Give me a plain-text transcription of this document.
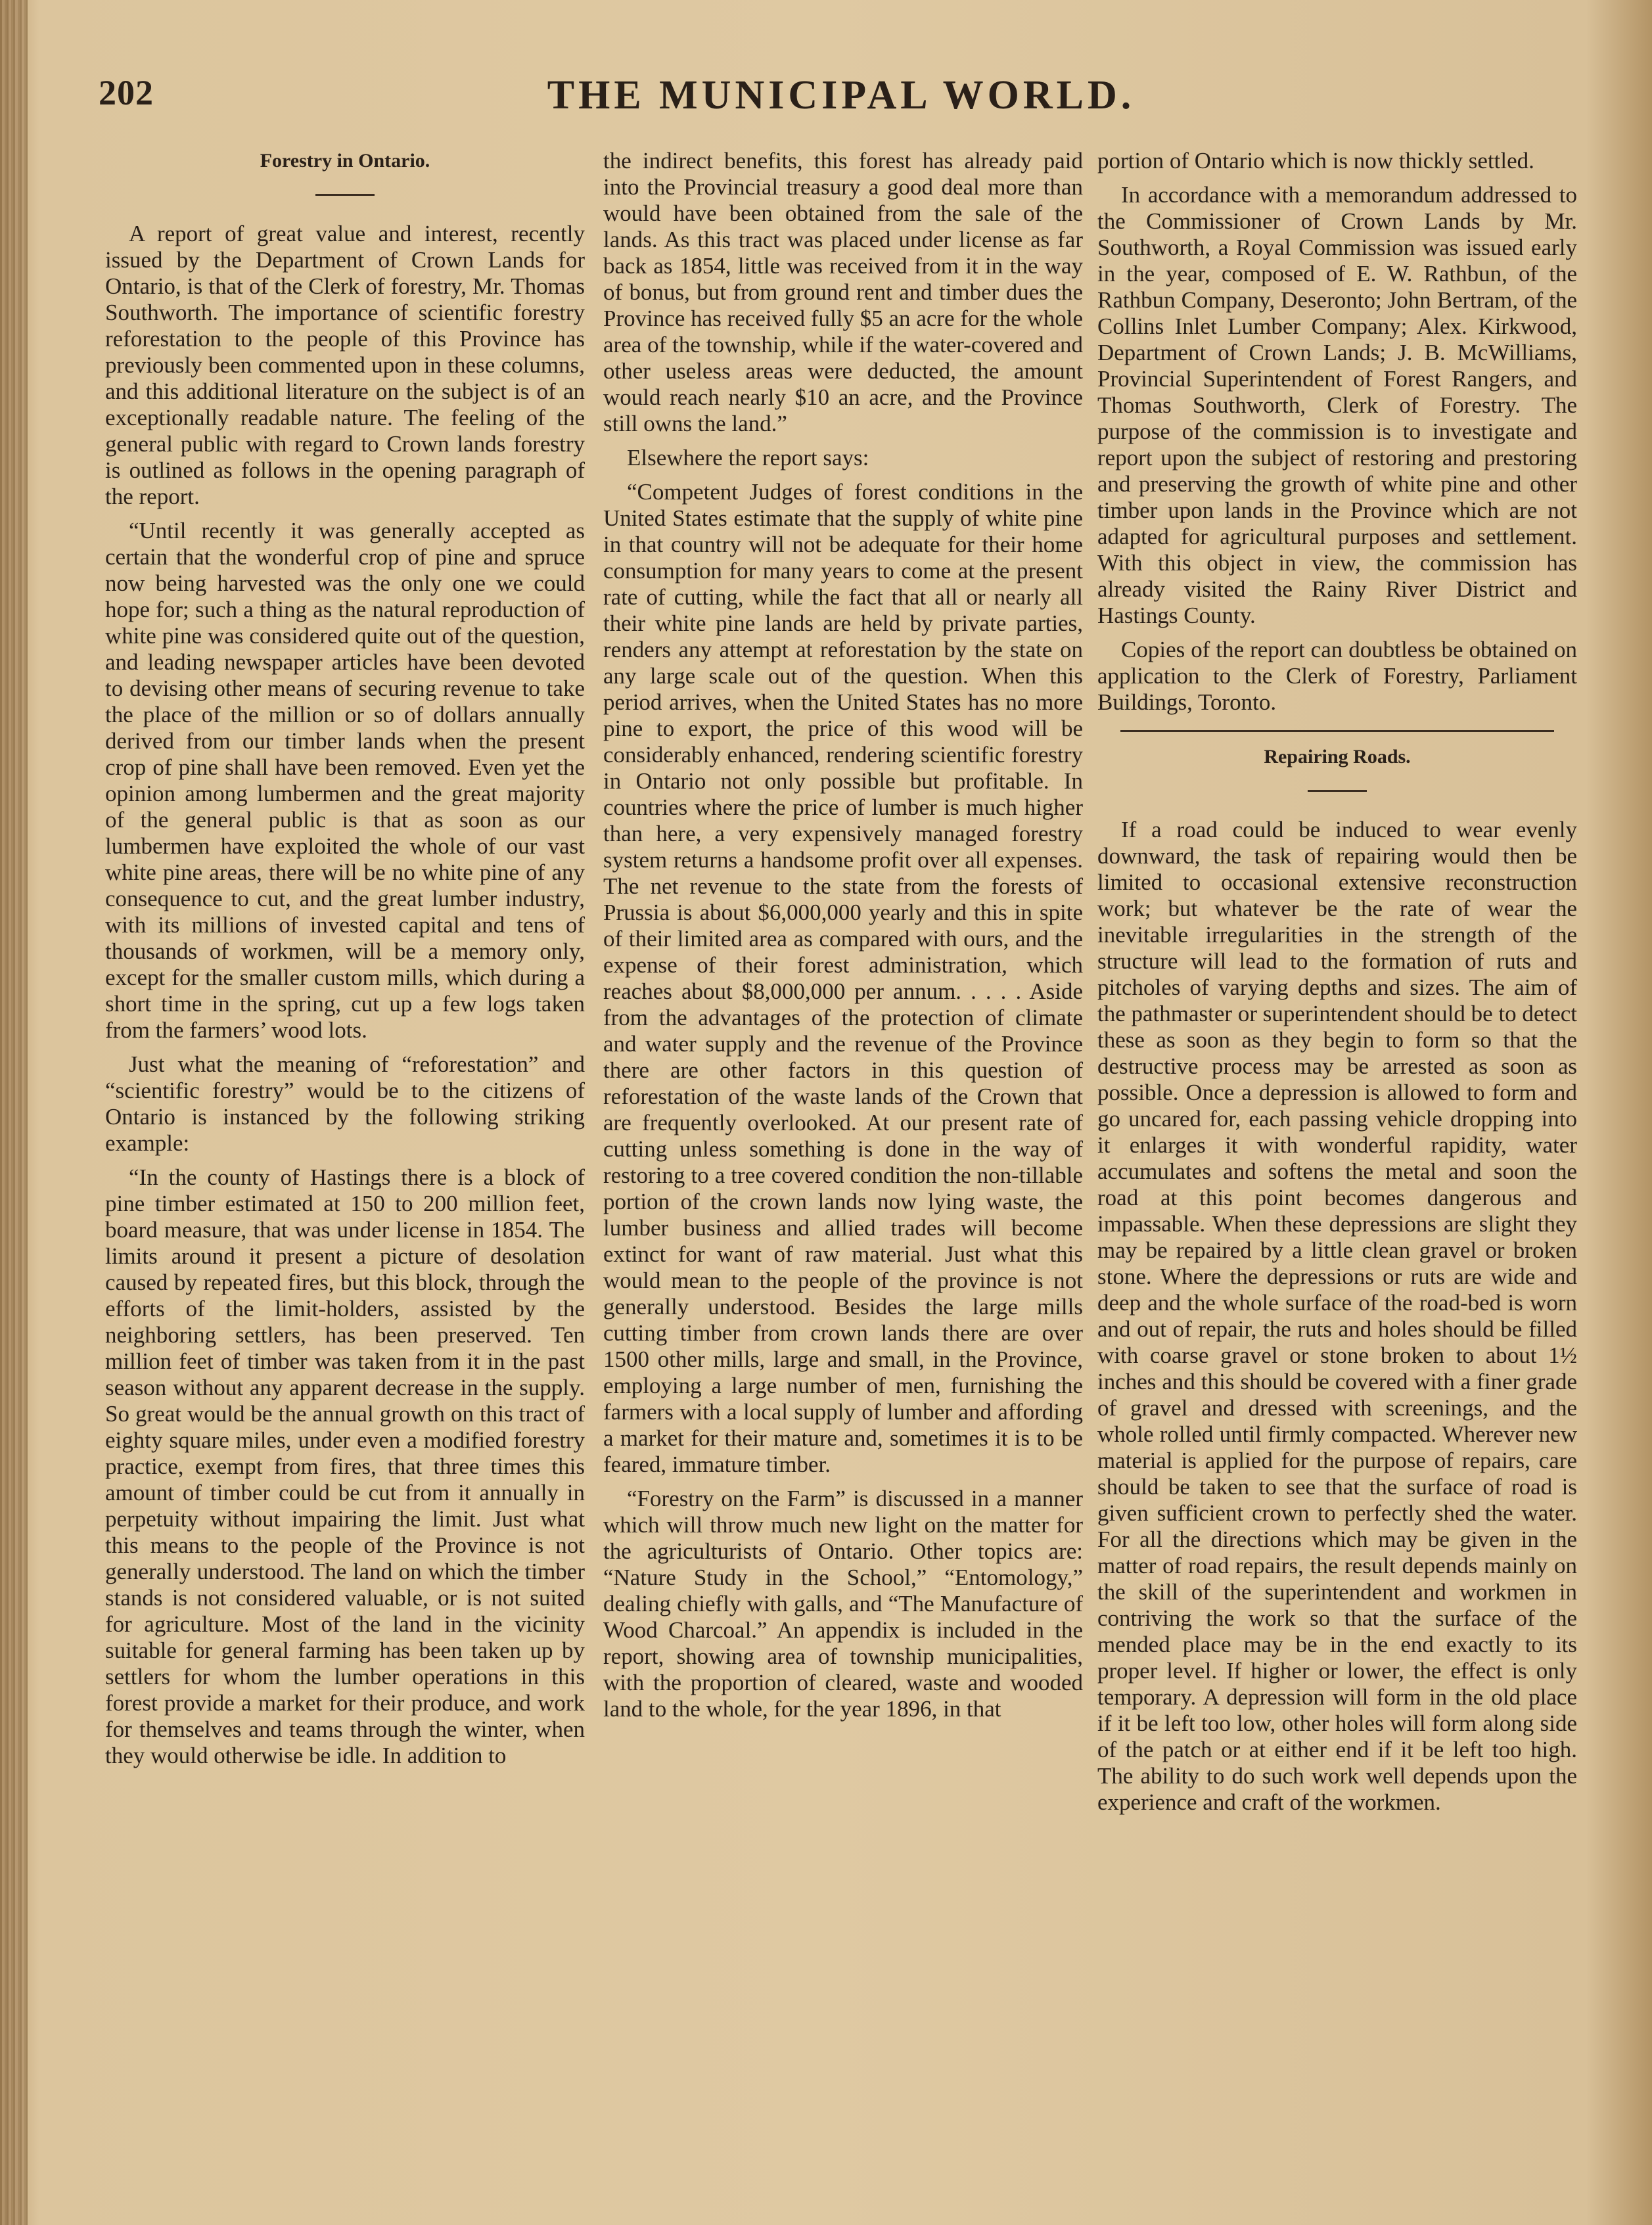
202	THE MUNICIPAL WORLD.

Forestry in Ontario.

A report of great value and interest, recently issued by the Department of Crown Lands for Ontario, is that of the Clerk of forestry, Mr. Thomas Southworth. The importance of scientific forestry reforestation to the people of this Province has previously been commented upon in these columns, and this additional literature on the subject is of an exceptionally readable nature. The feeling of the general public with regard to Crown lands forestry is outlined as follows in the opening paragraph of the report.

“Until recently it was generally accepted as certain that the wonderful crop of pine and spruce now being harvested was the only one we could hope for; such a thing as the natural reproduction of white pine was considered quite out of the question, and leading newspaper articles have been devoted to devising other means of securing revenue to take the place of the million or so of dollars annually derived from our timber lands when the present crop of pine shall have been removed. Even yet the opinion among lumbermen and the great majority of the general public is that as soon as our lumbermen have exploited the whole of our vast white pine areas, there will be no white pine of any consequence to cut, and the great lumber industry, with its millions of invested capital and tens of thousands of workmen, will be a memory only, except for the smaller custom mills, which during a short time in the spring, cut up a few logs taken from the farmers’ wood lots.

Just what the meaning of “reforestation” and “scientific forestry” would be to the citizens of Ontario is instanced by the following striking example:

“In the county of Hastings there is a block of pine timber estimated at 150 to 200 million feet, board measure, that was under license in 1854. The limits around it present a picture of desolation caused by repeated fires, but this block, through the efforts of the limit-holders, assisted by the neighboring settlers, has been preserved. Ten million feet of timber was taken from it in the past season without any apparent decrease in the supply. So great would be the annual growth on this tract of eighty square miles, under even a modified forestry practice, exempt from fires, that three times this amount of timber could be cut from it annually in perpetuity without impairing the limit. Just what this means to the people of the Province is not generally understood. The land on which the timber stands is not considered valuable, or is not suited for agriculture. Most of the land in the vicinity suitable for general farming has been taken up by settlers for whom the lumber operations in this forest provide a market for their produce, and work for themselves and teams through the winter, when they would otherwise be idle. In addition to

the indirect benefits, this forest has already paid into the Provincial treasury a good deal more than would have been obtained from the sale of the lands. As this tract was placed under license as far back as 1854, little was received from it in the way of bonus, but from ground rent and timber dues the Province has received fully $5 an acre for the whole area of the township, while if the water-covered and other useless areas were deducted, the amount would reach nearly $10 an acre, and the Province still owns the land.”

Elsewhere the report says:

“Competent Judges of forest conditions in the United States estimate that the supply of white pine in that country will not be adequate for their home consumption for many years to come at the present rate of cutting, while the fact that all or nearly all their white pine lands are held by private parties, renders any attempt at reforestation by the state on any large scale out of the question. When this period arrives, when the United States has no more pine to export, the price of this wood will be considerably enhanced, rendering scientific forestry in Ontario not only possible but profitable. In countries where the price of lumber is much higher than here, a very expensively managed forestry system returns a handsome profit over all expenses. The net revenue to the state from the forests of Prussia is about $6,000,000 yearly and this in spite of their limited area as compared with ours, and the expense of their forest administration, which reaches about $8,000,000 per annum. . . . . Aside from the advantages of the protection of climate and water supply and the revenue of the Province there are other factors in this question of reforestation of the waste lands of the Crown that are frequently overlooked. At our present rate of cutting unless something is done in the way of restoring to a tree covered condition the non-tillable portion of the crown lands now lying waste, the lumber business and allied trades will become extinct for want of raw material. Just what this would mean to the people of the province is not generally understood. Besides the large mills cutting timber from crown lands there are over 1500 other mills, large and small, in the Province, employing a large number of men, furnishing the farmers with a local supply of lumber and affording a market for their mature and, sometimes it is to be feared, immature timber.

“Forestry on the Farm” is discussed in a manner which will throw much new light on the matter for the agriculturists of Ontario. Other topics are: “Nature Study in the School,” “Entomology,” dealing chiefly with galls, and “The Manufacture of Wood Charcoal.” An appendix is included in the report, showing area of township municipalities, with the proportion of cleared, waste and wooded land to the whole, for the year 1896, in that

portion of Ontario which is now thickly settled.

In accordance with a memorandum addressed to the Commissioner of Crown Lands by Mr. Southworth, a Royal Commission was issued early in the year, composed of E. W. Rathbun, of the Rathbun Company, Deseronto; John Bertram, of the Collins Inlet Lumber Company; Alex. Kirkwood, Department of Crown Lands; J. B. McWilliams, Provincial Superintendent of Forest Rangers, and Thomas Southworth, Clerk of Forestry. The purpose of the commission is to investigate and report upon the subject of restoring and prestoring and preserving the growth of white pine and other timber upon lands in the Province which are not adapted for agricultural purposes and settlement. With this object in view, the commission has already visited the Rainy River District and Hastings County.

Copies of the report can doubtless be obtained on application to the Clerk of Forestry, Parliament Buildings, Toronto.

Repairing Roads.

If a road could be induced to wear evenly downward, the task of repairing would then be limited to occasional extensive reconstruction work; but whatever be the rate of wear the inevitable irregularities in the strength of the structure will lead to the formation of ruts and pitcholes of varying depths and sizes. The aim of the pathmaster or superintendent should be to detect these as soon as they begin to form so that the destructive process may be arrested as soon as possible. Once a depression is allowed to form and go uncared for, each passing vehicle dropping into it enlarges it with wonderful rapidity, water accumulates and softens the metal and soon the road at this point becomes dangerous and impassable. When these depressions are slight they may be repaired by a little clean gravel or broken stone. Where the depressions or ruts are wide and deep and the whole surface of the road-bed is worn and out of repair, the ruts and holes should be filled with coarse gravel or stone broken to about 1½ inches and this should be covered with a finer grade of gravel and dressed with screenings, and the whole rolled until firmly compacted. Wherever new material is applied for the purpose of repairs, care should be taken to see that the surface of road is given sufficient crown to perfectly shed the water. For all the directions which may be given in the matter of road repairs, the result depends mainly on the skill of the superintendent and workmen in contriving the work so that the surface of the mended place may be in the end exactly to its proper level. If higher or lower, the effect is only temporary. A depression will form in the old place if it be left too low, other holes will form along side of the patch or at either end if it be left too high. The ability to do such work well depends upon the experience and craft of the workmen.
